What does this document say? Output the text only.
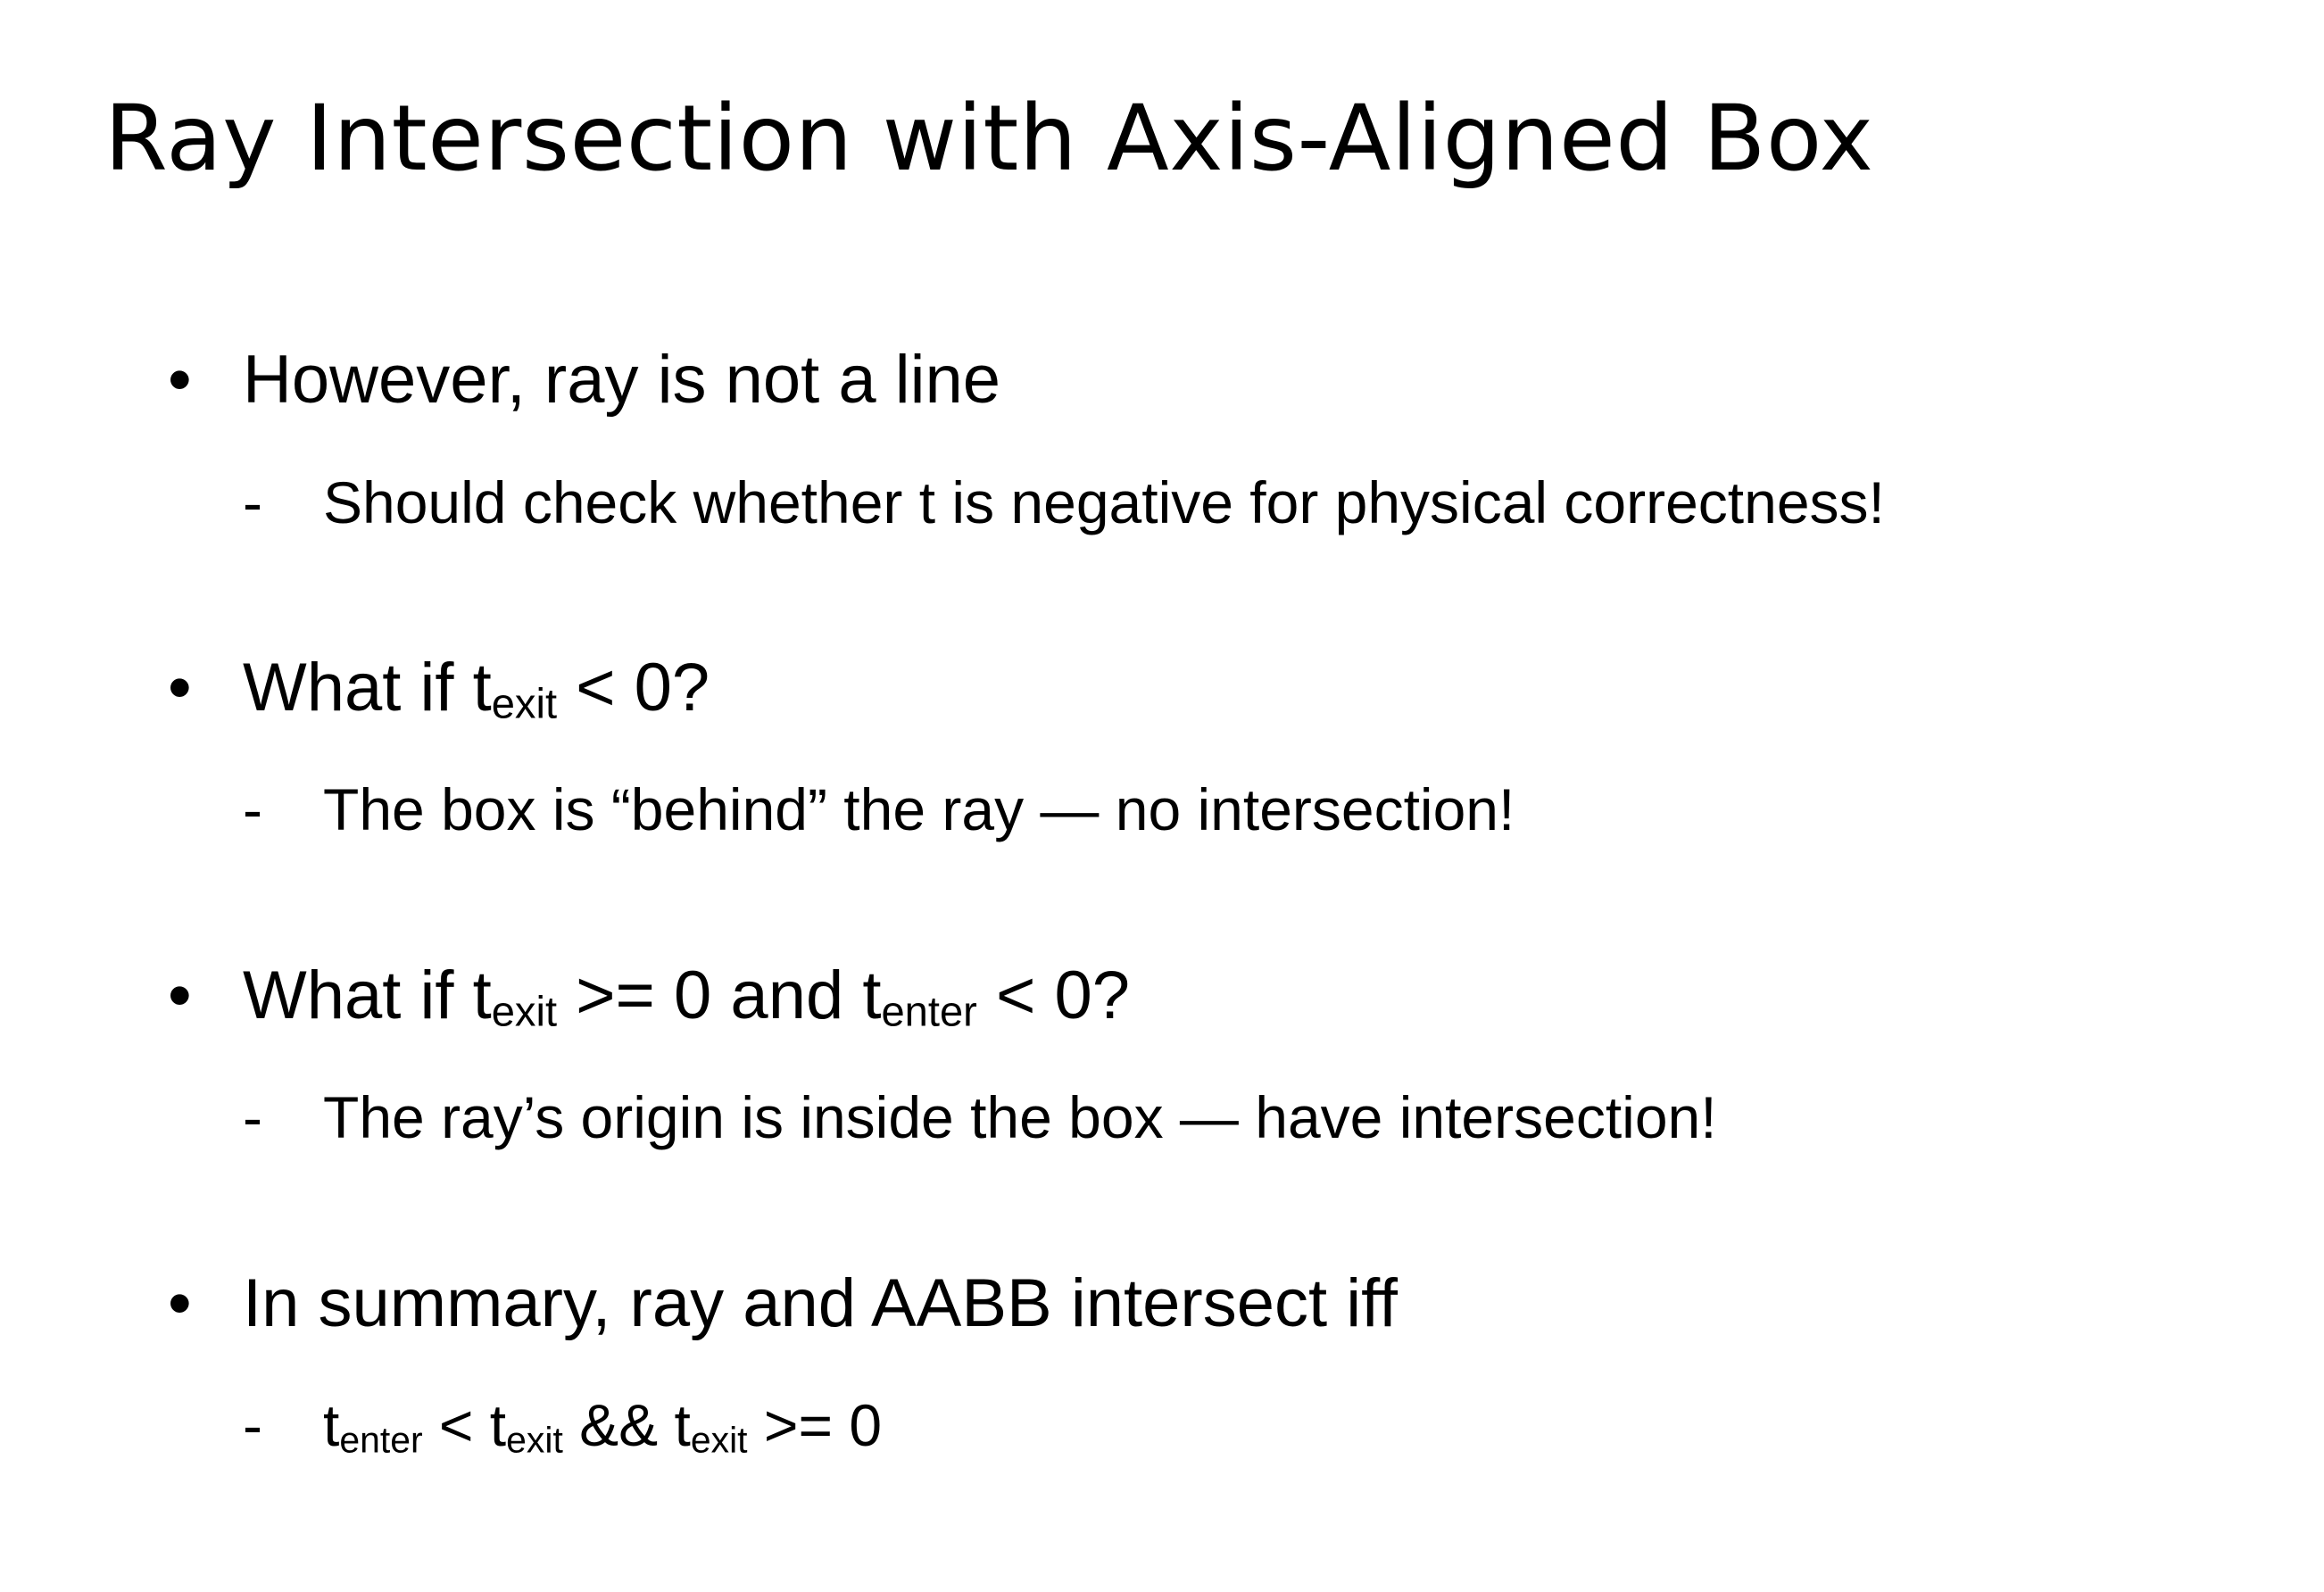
Ray Intersection with Axis-Aligned Box
• However, ray is not a line
- Should check whether t is negative for physical correctness!
• What if $t_{exit} < 0$?
- The box is “behind” the ray — no intersection!
• What if $t_{exit} >= 0$ and $t_{enter} < 0$?
- The ray’s origin is inside the box — have intersection!
• In summary, ray and AABB intersect iff
- $t_{enter} < t_{exit}$ && $t_{exit} >= 0$
